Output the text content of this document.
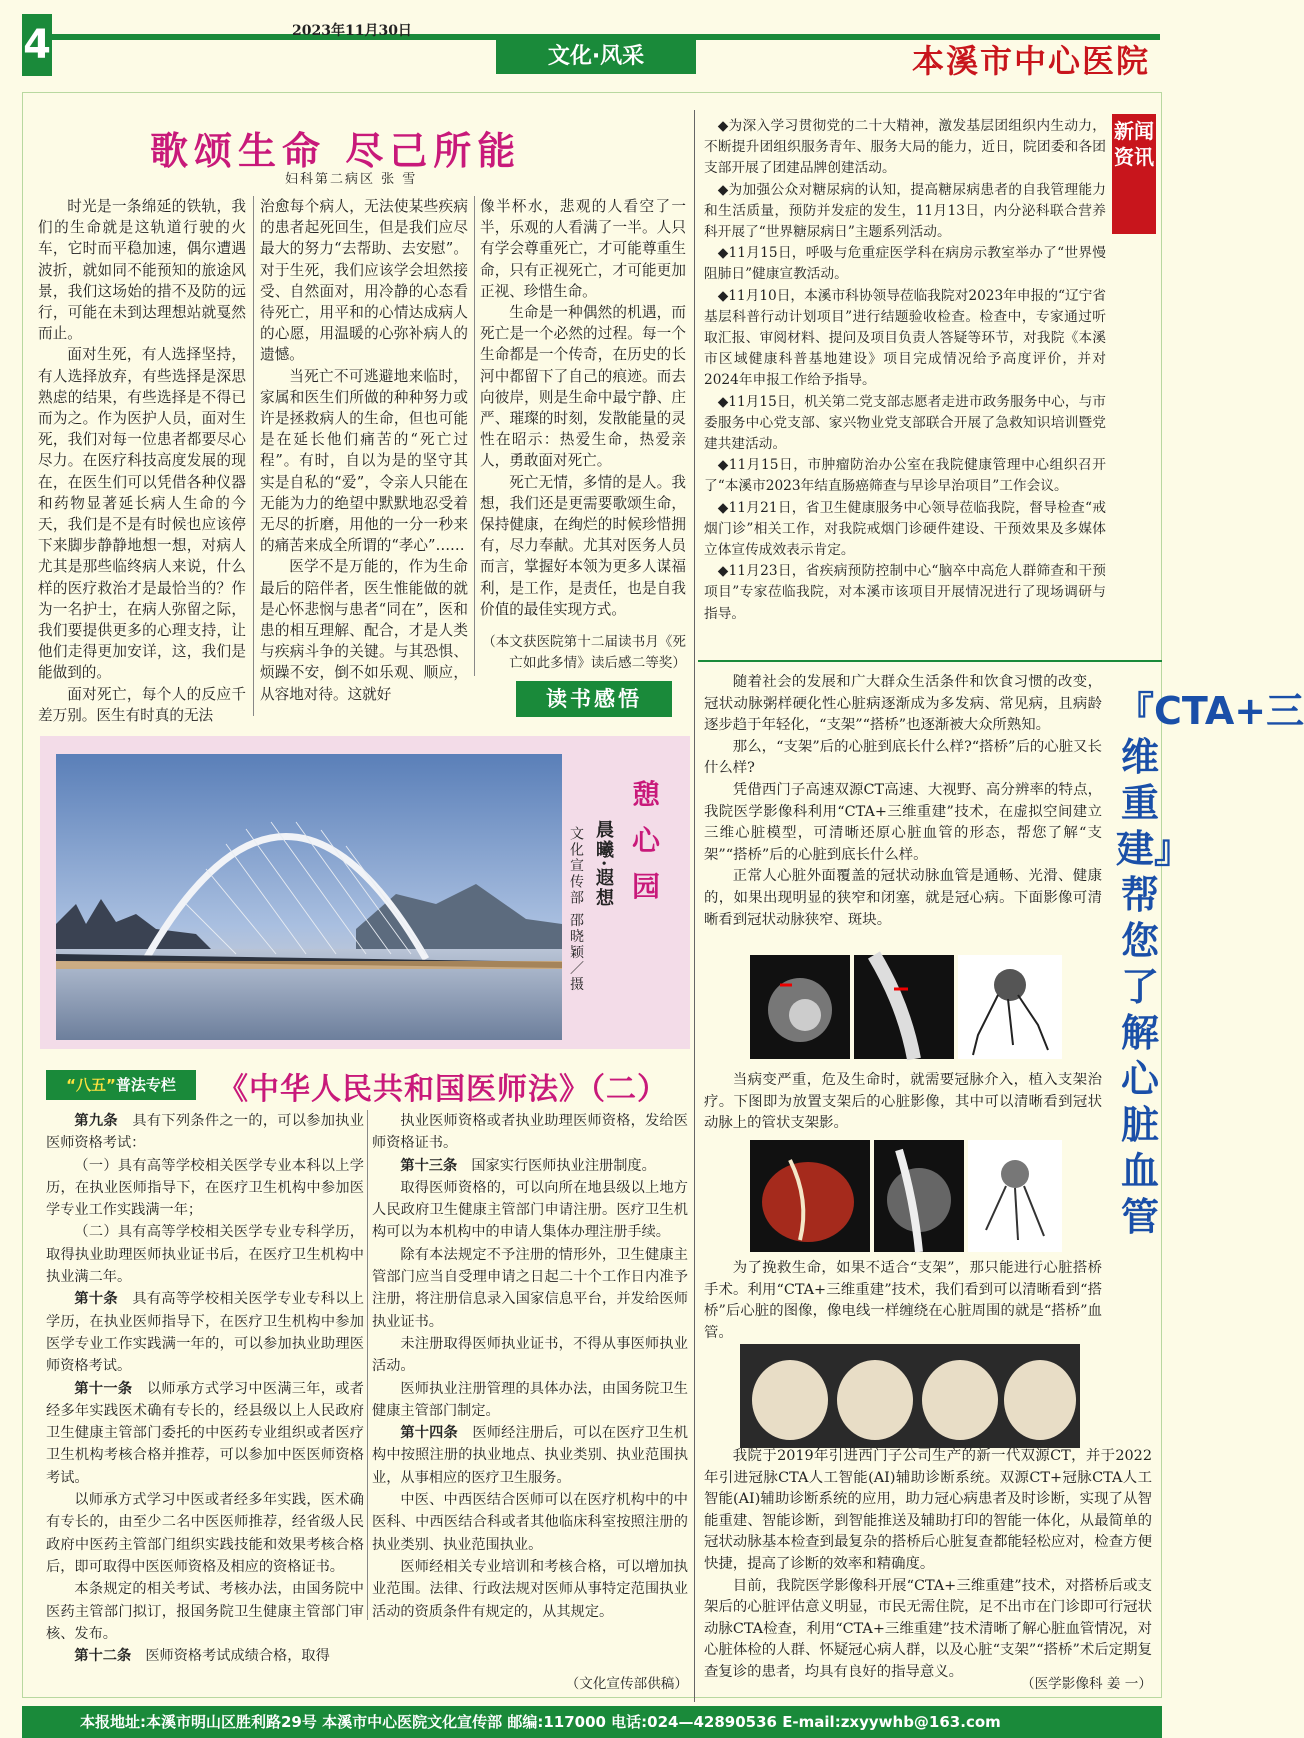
4	2023年11月30日
文化·风采	本溪市中心医院
歌颂生命 尽己所能
妇科第二病区 张 雪

时光是一条绵延的铁轨，我们的生命就是这轨道行驶的火车，它时而平稳加速，偶尔遭遇波折，就如同不能预知的旅途风景，我们这场始的措不及防的远行，可能在未到达理想站就戛然而止。

面对生死，有人选择坚持，有人选择放弃，有些选择是深思熟虑的结果，有些选择是不得已而为之。作为医护人员，面对生死，我们对每一位患者都要尽心尽力。在医疗科技高度发展的现在，在医生们可以凭借各种仪器和药物显著延长病人生命的今天，我们是不是有时候也应该停下来脚步静静地想一想，对病人尤其是那些临终病人来说，什么样的医疗救治才是最恰当的？作为一名护士，在病人弥留之际，我们要提供更多的心理支持，让他们走得更加安详，这，我们是能做到的。

面对死亡，每个人的反应千差万别。医生有时真的无法

治愈每个病人，无法使某些疾病的患者起死回生，但是我们应尽最大的努力“去帮助、去安慰”。对于生死，我们应该学会坦然接受、自然面对，用冷静的心态看待死亡，用平和的心情达成病人的心愿，用温暖的心弥补病人的遗憾。

当死亡不可逃避地来临时，家属和医生们所做的种种努力或许是拯救病人的生命，但也可能是在延长他们痛苦的“死亡过程”。有时，自以为是的坚守其实是自私的“爱”，令亲人只能在无能为力的绝望中默默地忍受着无尽的折磨，用他的一分一秒来的痛苦来成全所谓的“孝心”……

医学不是万能的，作为生命最后的陪伴者，医生惟能做的就是心怀悲悯与患者“同在”，医和患的相互理解、配合，才是人类与疾病斗争的关键。与其恐惧、烦躁不安，倒不如乐观、顺应，从容地对待。这就好

像半杯水，悲观的人看空了一半，乐观的人看满了一半。人只有学会尊重死亡，才可能尊重生命，只有正视死亡，才可能更加正视、珍惜生命。

生命是一种偶然的机遇，而死亡是一个必然的过程。每一个生命都是一个传奇，在历史的长河中都留下了自己的痕迹。而去向彼岸，则是生命中最宁静、庄严、璀璨的时刻，发散能量的灵性在昭示：热爱生命，热爱亲人，勇敢面对死亡。

死亡无情，多情的是人。我想，我们还是更需要歌颂生命，保持健康，在绚烂的时候珍惜拥有，尽力奉献。尤其对医务人员而言，掌握好本领为更多人谋福利，是工作，是责任，也是自我价值的最佳实现方式。

（本文获医院第十二届读书月《死亡如此多情》读后感二等奖）
读书感悟
憩心园
晨曦·遐想
文化宣传部 邵晓颖／摄
“八五”普法专栏	《中华人民共和国医师法》（二）

第九条　具有下列条件之一的，可以参加执业医师资格考试：

（一）具有高等学校相关医学专业本科以上学历，在执业医师指导下，在医疗卫生机构中参加医学专业工作实践满一年；

（二）具有高等学校相关医学专业专科学历，取得执业助理医师执业证书后，在医疗卫生机构中执业满二年。

第十条　具有高等学校相关医学专业专科以上学历，在执业医师指导下，在医疗卫生机构中参加医学专业工作实践满一年的，可以参加执业助理医师资格考试。

第十一条　以师承方式学习中医满三年，或者经多年实践医术确有专长的，经县级以上人民政府卫生健康主管部门委托的中医药专业组织或者医疗卫生机构考核合格并推荐，可以参加中医医师资格考试。

以师承方式学习中医或者经多年实践，医术确有专长的，由至少二名中医医师推荐，经省级人民政府中医药主管部门组织实践技能和效果考核合格后，即可取得中医医师资格及相应的资格证书。

本条规定的相关考试、考核办法，由国务院中医药主管部门拟订，报国务院卫生健康主管部门审核、发布。

第十二条　医师资格考试成绩合格，取得

执业医师资格或者执业助理医师资格，发给医师资格证书。

第十三条　国家实行医师执业注册制度。

取得医师资格的，可以向所在地县级以上地方人民政府卫生健康主管部门申请注册。医疗卫生机构可以为本机构中的申请人集体办理注册手续。

除有本法规定不予注册的情形外，卫生健康主管部门应当自受理申请之日起二十个工作日内准予注册，将注册信息录入国家信息平台，并发给医师执业证书。

未注册取得医师执业证书，不得从事医师执业活动。

医师执业注册管理的具体办法，由国务院卫生健康主管部门制定。

第十四条　医师经注册后，可以在医疗卫生机构中按照注册的执业地点、执业类别、执业范围执业，从事相应的医疗卫生服务。

中医、中西医结合医师可以在医疗机构中的中医科、中西医结合科或者其他临床科室按照注册的执业类别、执业范围执业。

医师经相关专业培训和考核合格，可以增加执业范围。法律、行政法规对医师从事特定范围执业活动的资质条件有规定的，从其规定。

（文化宣传部供稿）
新闻资讯

◆为深入学习贯彻党的二十大精神，激发基层团组织内生动力，不断提升团组织服务青年、服务大局的能力，近日，院团委和各团支部开展了团建品牌创建活动。

◆为加强公众对糖尿病的认知，提高糖尿病患者的自我管理能力和生活质量，预防并发症的发生，11月13日，内分泌科联合营养科开展了“世界糖尿病日”主题系列活动。

◆11月15日，呼吸与危重症医学科在病房示教室举办了“世界慢阻肺日”健康宣教活动。

◆11月10日，本溪市科协领导莅临我院对2023年申报的“辽宁省基层科普行动计划项目”进行结题验收检查。检查中，专家通过听取汇报、审阅材料、提问及项目负责人答疑等环节，对我院《本溪市区域健康科普基地建设》项目完成情况给予高度评价，并对2024年申报工作给予指导。

◆11月15日，机关第二党支部志愿者走进市政务服务中心，与市委服务中心党支部、家兴物业党支部联合开展了急救知识培训暨党建共建活动。

◆11月15日，市肿瘤防治办公室在我院健康管理中心组织召开了“本溪市2023年结直肠癌筛查与早诊早治项目”工作会议。

◆11月21日，省卫生健康服务中心领导莅临我院，督导检查“戒烟门诊”相关工作，对我院戒烟门诊硬件建设、干预效果及多媒体立体宣传成效表示肯定。

◆11月23日，省疾病预防控制中心“脑卒中高危人群筛查和干预项目”专家莅临我院，对本溪市该项目开展情况进行了现场调研与指导。

『CTA+三维重建』帮您了解心脏血管

随着社会的发展和广大群众生活条件和饮食习惯的改变，冠状动脉粥样硬化性心脏病逐渐成为多发病、常见病，且病龄逐步趋于年轻化，“支架”“搭桥”也逐渐被大众所熟知。

那么，“支架”后的心脏到底长什么样?“搭桥”后的心脏又长什么样?

凭借西门子高速双源CT高速、大视野、高分辨率的特点，我院医学影像科利用“CTA+三维重建”技术，在虚拟空间建立三维心脏模型，可清晰还原心脏血管的形态，帮您了解“支架”“搭桥”后的心脏到底长什么样。

正常人心脏外面覆盖的冠状动脉血管是通畅、光滑、健康的，如果出现明显的狭窄和闭塞，就是冠心病。下面影像可清晰看到冠状动脉狭窄、斑块。

当病变严重，危及生命时，就需要冠脉介入，植入支架治疗。下图即为放置支架后的心脏影像，其中可以清晰看到冠状动脉上的管状支架影。
为了挽救生命，如果不适合“支架”，那只能进行心脏搭桥手术。利用“CTA+三维重建”技术，我们看到可以清晰看到“搭桥”后心脏的图像，像电线一样缠绕在心脏周围的就是“搭桥”血管。

我院于2019年引进西门子公司生产的新一代双源CT，并于2022年引进冠脉CTA人工智能(AI)辅助诊断系统。双源CT+冠脉CTA人工智能(AI)辅助诊断系统的应用，助力冠心病患者及时诊断，实现了从智能重建、智能诊断，到智能推送及辅助打印的智能一体化，从最简单的冠状动脉基本检查到最复杂的搭桥后心脏复查都能轻松应对，检查方便快捷，提高了诊断的效率和精确度。

目前，我院医学影像科开展“CTA+三维重建”技术，对搭桥后或支架后的心脏评估意义明显，市民无需住院，足不出市在门诊即可行冠状动脉CTA检查，利用“CTA+三维重建”技术清晰了解心脏血管情况，对心脏体检的人群、怀疑冠心病人群，以及心脏“支架”“搭桥”术后定期复查复诊的患者，均具有良好的指导意义。

（医学影像科 姜 一）
本报地址:本溪市明山区胜利路29号 本溪市中心医院文化宣传部 邮编:117000 电话:024—42890536 E-mail:zxyywhb@163.com
